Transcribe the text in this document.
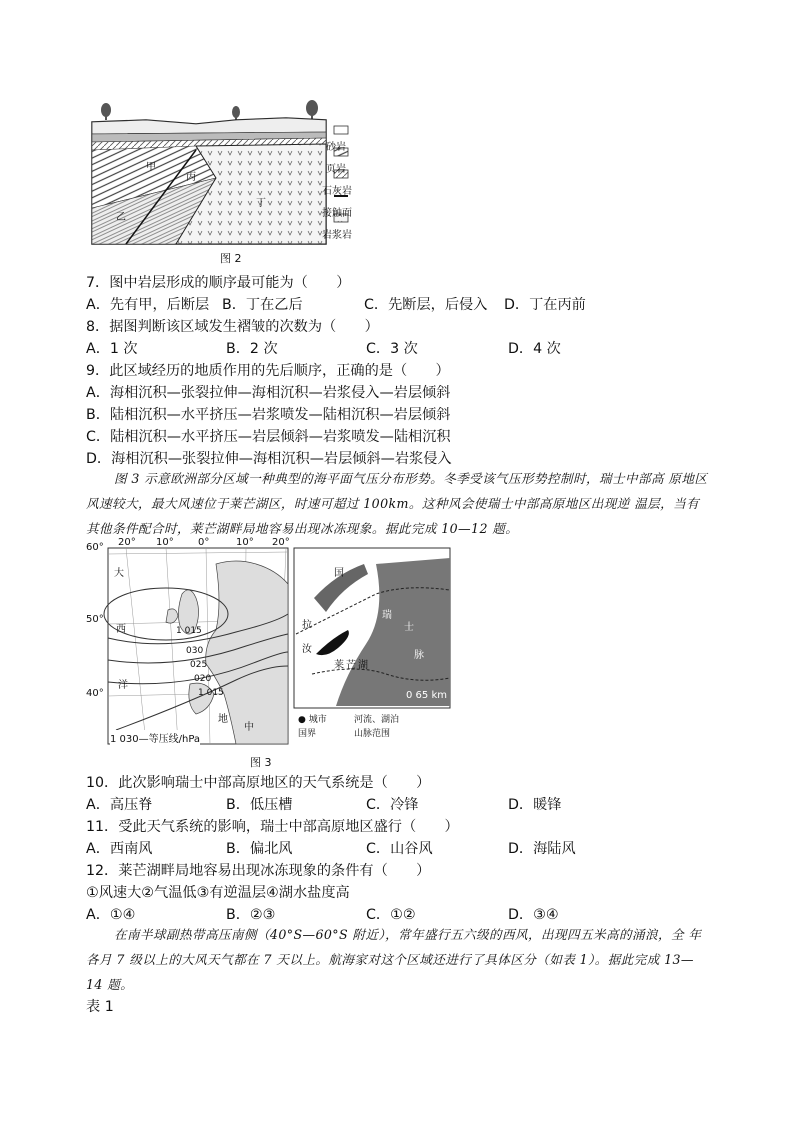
砂岩
页岩
石灰岩
接触面
岩浆岩
甲
乙
丙
丁
图 2
7．图中岩层形成的顺序最可能为（　　）
A．先有甲，后断层 B．丁在乙后	C．先断层，后侵入 D．丁在丙前
8．据图判断该区域发生褶皱的次数为（　　）
A．1 次	B．2 次	C．3 次	D．4 次
9．此区域经历的地质作用的先后顺序，正确的是（　　）
A．海相沉积—张裂拉伸—海相沉积—岩浆侵入—岩层倾斜
B．陆相沉积—水平挤压—岩浆喷发—陆相沉积—岩层倾斜
C．陆相沉积—水平挤压—岩层倾斜—岩浆喷发—陆相沉积
D．海相沉积—张裂拉伸—海相沉积—岩层倾斜—岩浆侵入
图 3 示意欧洲部分区域一种典型的海平面气压分布形势。冬季受该气压形势控制时，瑞士中部高 原地区风速较大，最大风速位于莱芒湖区，时速可超过 100km。这种风会使瑞士中部高原地区出现逆 温层，当有其他条件配合时，莱芒湖畔局地容易出现冰冻现象。据此完成 10—12 题。
60°
50°
40°
20° 10° 0°	10° 20°
大
西
洋
地
中
1 015
030
025
020
1 015
1 030—等压线/hPa
法
国
瑞
士
阿
山
脉
汝
拉
莱 芒 湖
0 65 km
● 城市	河流、湖泊
国界	山脉范围
图 3
10．此次影响瑞士中部高原地区的天气系统是（　　）
A．高压脊	B．低压槽	C．冷锋	D．暖锋
11．受此天气系统的影响，瑞士中部高原地区盛行（　　）
A．西南风	B．偏北风	C．山谷风	D．海陆风
12．莱芒湖畔局地容易出现冰冻现象的条件有（　　）
①风速大②气温低③有逆温层④湖水盐度高
A．①④	B．②③	C．①②	D．③④
在南半球副热带高压南侧（40°S—60°S 附近），常年盛行五六级的西风，出现四五米高的涌浪，全 年各月 7 级以上的大风天气都在 7 天以上。航海家对这个区域还进行了具体区分（如表 1）。据此完成 13—14 题。
表 1
